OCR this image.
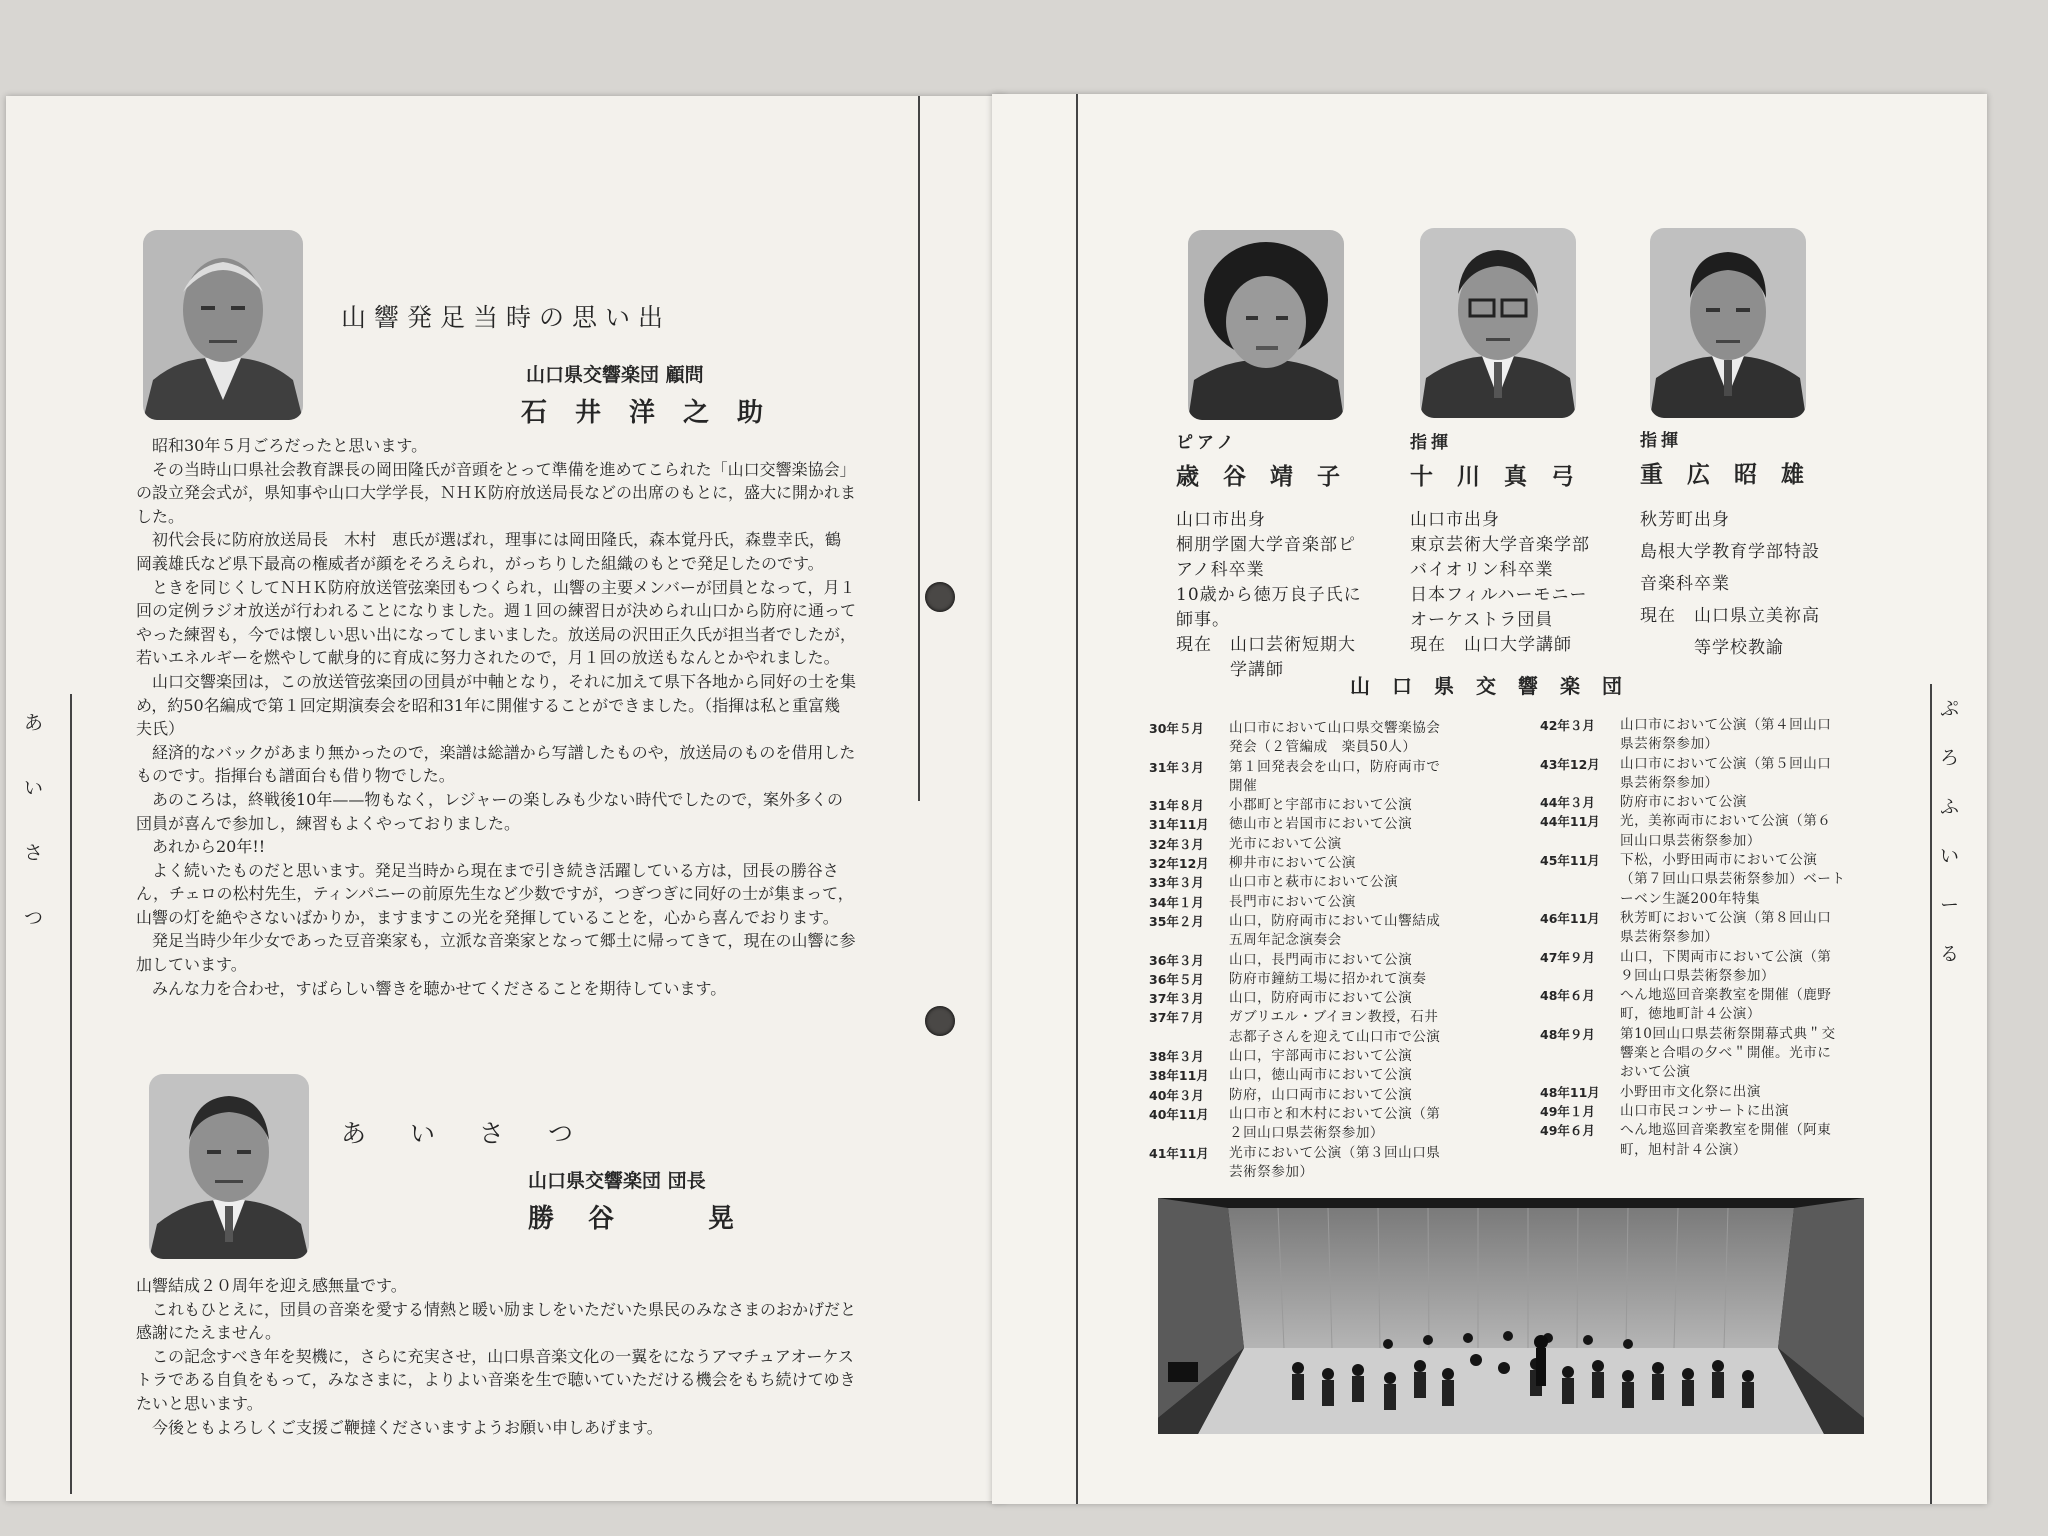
あ
い
さ
つ
山響発足当時の思い出
山口県交響楽団 顧問
石井洋之助

昭和30年５月ごろだったと思います。

その当時山口県社会教育課長の岡田隆氏が音頭をとって準備を進めてこられた「山口交響楽協会」の設立発会式が，県知事や山口大学学長，ＮＨＫ防府放送局長などの出席のもとに，盛大に開かれました。

初代会長に防府放送局長　木村　恵氏が選ばれ，理事には岡田隆氏，森本覚丹氏，森豊幸氏，鶴岡義雄氏など県下最高の権威者が顔をそろえられ，がっちりした組織のもとで発足したのです。

ときを同じくしてＮＨＫ防府放送管弦楽団もつくられ，山響の主要メンバーが団員となって，月１回の定例ラジオ放送が行われることになりました。週１回の練習日が決められ山口から防府に通ってやった練習も，今では懐しい思い出になってしまいました。放送局の沢田正久氏が担当者でしたが，若いエネルギーを燃やして献身的に育成に努力されたので，月１回の放送もなんとかやれました。

山口交響楽団は，この放送管弦楽団の団員が中軸となり，それに加えて県下各地から同好の士を集め，約50名編成で第１回定期演奏会を昭和31年に開催することができました。（指揮は私と重富幾夫氏）

経済的なバックがあまり無かったので，楽譜は総譜から写譜したものや，放送局のものを借用したものです。指揮台も譜面台も借り物でした。

あのころは，終戦後10年——物もなく，レジャーの楽しみも少ない時代でしたので，案外多くの団員が喜んで参加し，練習もよくやっておりました。

あれから20年!!

よく続いたものだと思います。発足当時から現在まで引き続き活躍している方は，団長の勝谷さん，チェロの松村先生，ティンパニーの前原先生など少数ですが，つぎつぎに同好の士が集まって，山響の灯を絶やさないばかりか，ますますこの光を発揮していることを，心から喜んでおります。

発足当時少年少女であった豆音楽家も，立派な音楽家となって郷土に帰ってきて，現在の山響に参加しています。

みんな力を合わせ，すばらしい響きを聴かせてくださることを期待しています。

あいさつ
山口県交響楽団 団長
勝谷　晃

山響結成２０周年を迎え感無量です。

これもひとえに，団員の音楽を愛する情熱と暖い励ましをいただいた県民のみなさまのおかげだと感謝にたえません。

この記念すべき年を契機に，さらに充実させ，山口県音楽文化の一翼をになうアマチュアオーケストラである自負をもって，みなさまに，よりよい音楽を生で聴いていただける機会をもち続けてゆきたいと思います。

今後ともよろしくご支援ご鞭撻くださいますようお願い申しあげます。

ぷ
ろ
ふ
い
ー
る
ピアノ
歳谷靖子
山口市出身
桐朋学園大学音楽部ピ
アノ科卒業
10歳から徳万良子氏に
師事。
現在　山口芸術短期大
　　　学講師
指揮
十川真弓
山口市出身
東京芸術大学音楽学部
バイオリン科卒業
日本フィルハーモニー
オーケストラ団員
現在　山口大学講師
指揮
重広昭雄
秋芳町出身
島根大学教育学部特設
音楽科卒業
現在　山口県立美祢高
　　　等学校教諭
山口県交響楽団
30年５月	山口市において山口県交響楽協会
発会（２管編成　楽員50人）
31年３月	第１回発表会を山口，防府両市で
開催
31年８月	小郡町と宇部市において公演
31年11月	徳山市と岩国市において公演
32年３月	光市において公演
32年12月	柳井市において公演
33年３月	山口市と萩市において公演
34年１月	長門市において公演
35年２月	山口，防府両市において山響結成
五周年記念演奏会
36年３月	山口，長門両市において公演
36年５月	防府市鐘紡工場に招かれて演奏
37年３月	山口，防府両市において公演
37年７月	ガブリエル・ブイヨン教授，石井
志都子さんを迎えて山口市で公演
38年３月	山口，宇部両市において公演
38年11月	山口，徳山両市において公演
40年３月	防府，山口両市において公演
40年11月	山口市と和木村において公演（第
２回山口県芸術祭参加）
41年11月	光市において公演（第３回山口県
芸術祭参加）
42年３月	山口市において公演（第４回山口
県芸術祭参加）
43年12月	山口市において公演（第５回山口
県芸術祭参加）
44年３月	防府市において公演
44年11月	光，美祢両市において公演（第６
回山口県芸術祭参加）
45年11月	下松，小野田両市において公演
（第７回山口県芸術祭参加）ベート
ーベン生誕200年特集
46年11月	秋芳町において公演（第８回山口
県芸術祭参加）
47年９月	山口，下関両市において公演（第
９回山口県芸術祭参加）
48年６月	へん地巡回音楽教室を開催（鹿野
町，徳地町計４公演）
48年９月	第10回山口県芸術祭開幕式典＂交
響楽と合唱の夕べ＂開催。光市に
おいて公演
48年11月	小野田市文化祭に出演
49年１月	山口市民コンサートに出演
49年６月	へん地巡回音楽教室を開催（阿東
町，旭村計４公演）
